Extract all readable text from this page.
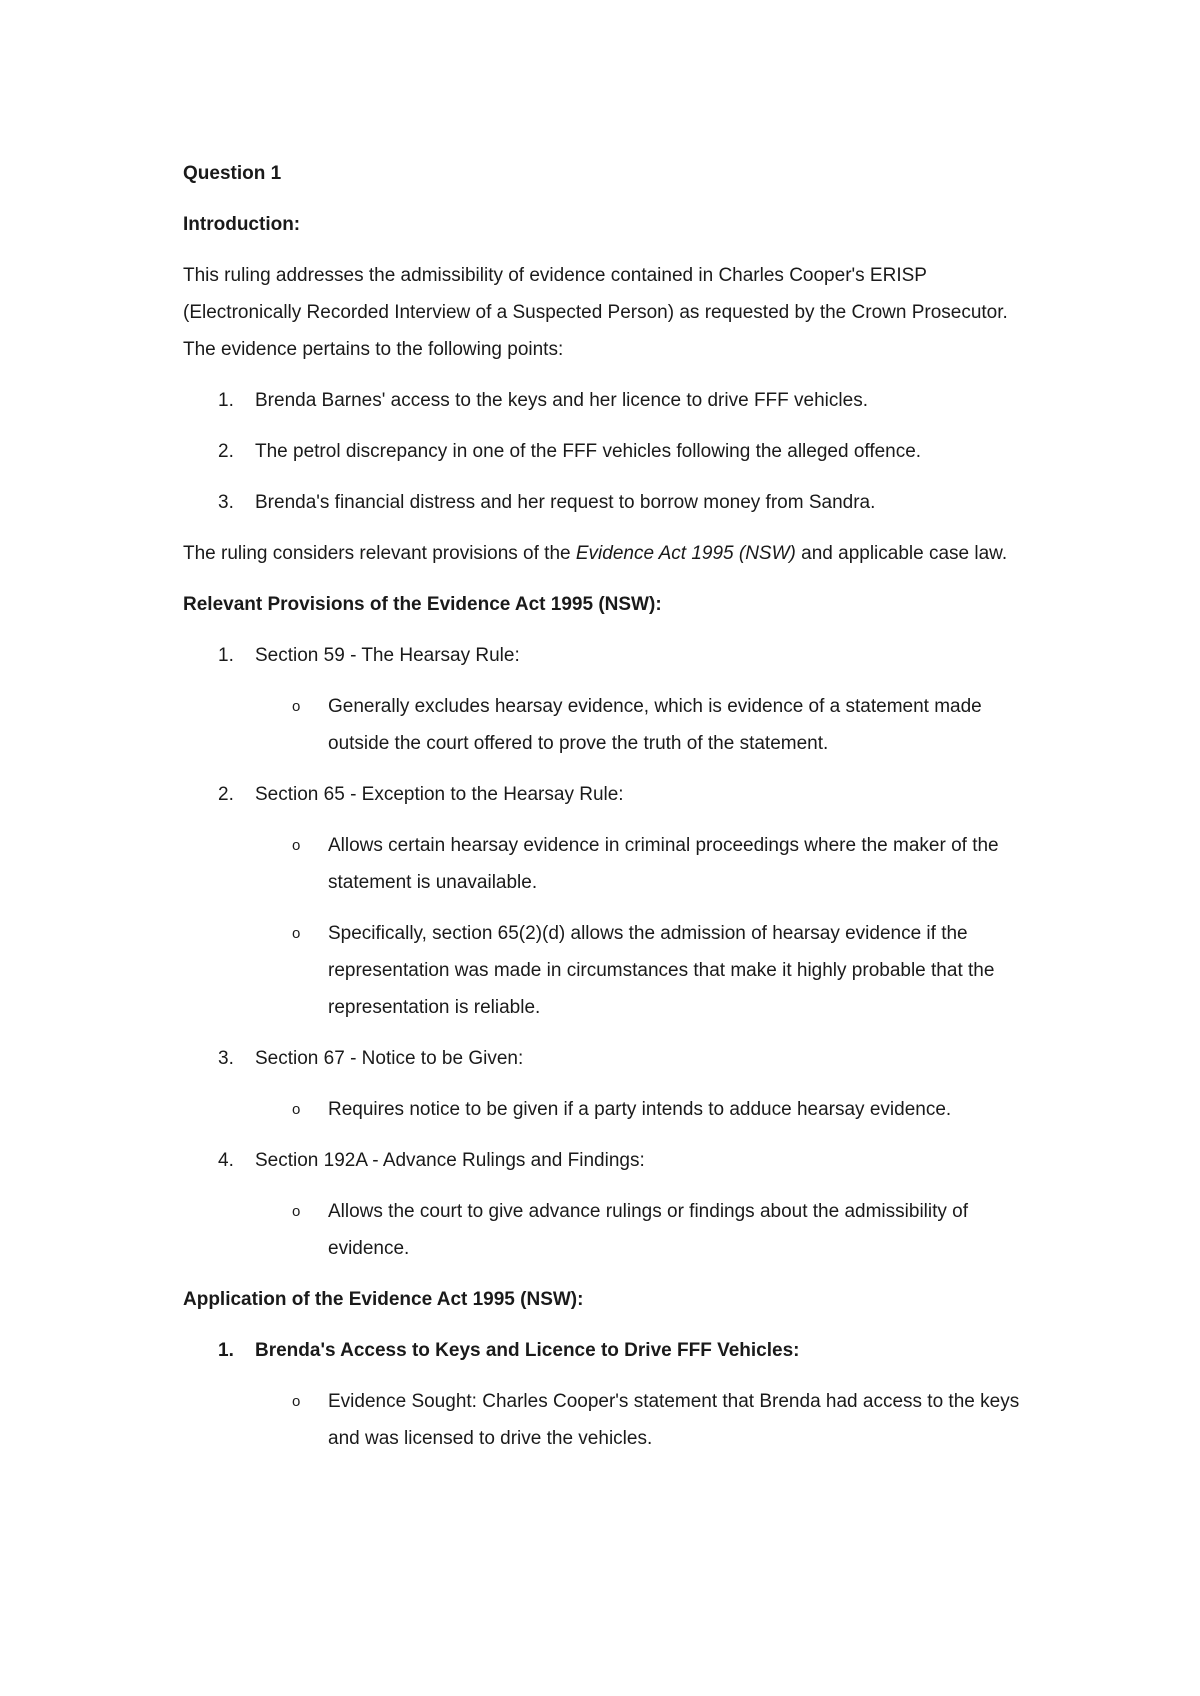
Question 1
Introduction:
This ruling addresses the admissibility of evidence contained in Charles Cooper's ERISP (Electronically Recorded Interview of a Suspected Person) as requested by the Crown Prosecutor. The evidence pertains to the following points:
1. Brenda Barnes' access to the keys and her licence to drive FFF vehicles.
2. The petrol discrepancy in one of the FFF vehicles following the alleged offence.
3. Brenda's financial distress and her request to borrow money from Sandra.
The ruling considers relevant provisions of the Evidence Act 1995 (NSW) and applicable case law.
Relevant Provisions of the Evidence Act 1995 (NSW):
1. Section 59 - The Hearsay Rule:
o Generally excludes hearsay evidence, which is evidence of a statement made outside the court offered to prove the truth of the statement.
2. Section 65 - Exception to the Hearsay Rule:
o Allows certain hearsay evidence in criminal proceedings where the maker of the statement is unavailable.
o Specifically, section 65(2)(d) allows the admission of hearsay evidence if the representation was made in circumstances that make it highly probable that the representation is reliable.
3. Section 67 - Notice to be Given:
o Requires notice to be given if a party intends to adduce hearsay evidence.
4. Section 192A - Advance Rulings and Findings:
o Allows the court to give advance rulings or findings about the admissibility of evidence.
Application of the Evidence Act 1995 (NSW):
1. Brenda's Access to Keys and Licence to Drive FFF Vehicles:
o Evidence Sought: Charles Cooper's statement that Brenda had access to the keys and was licensed to drive the vehicles.
